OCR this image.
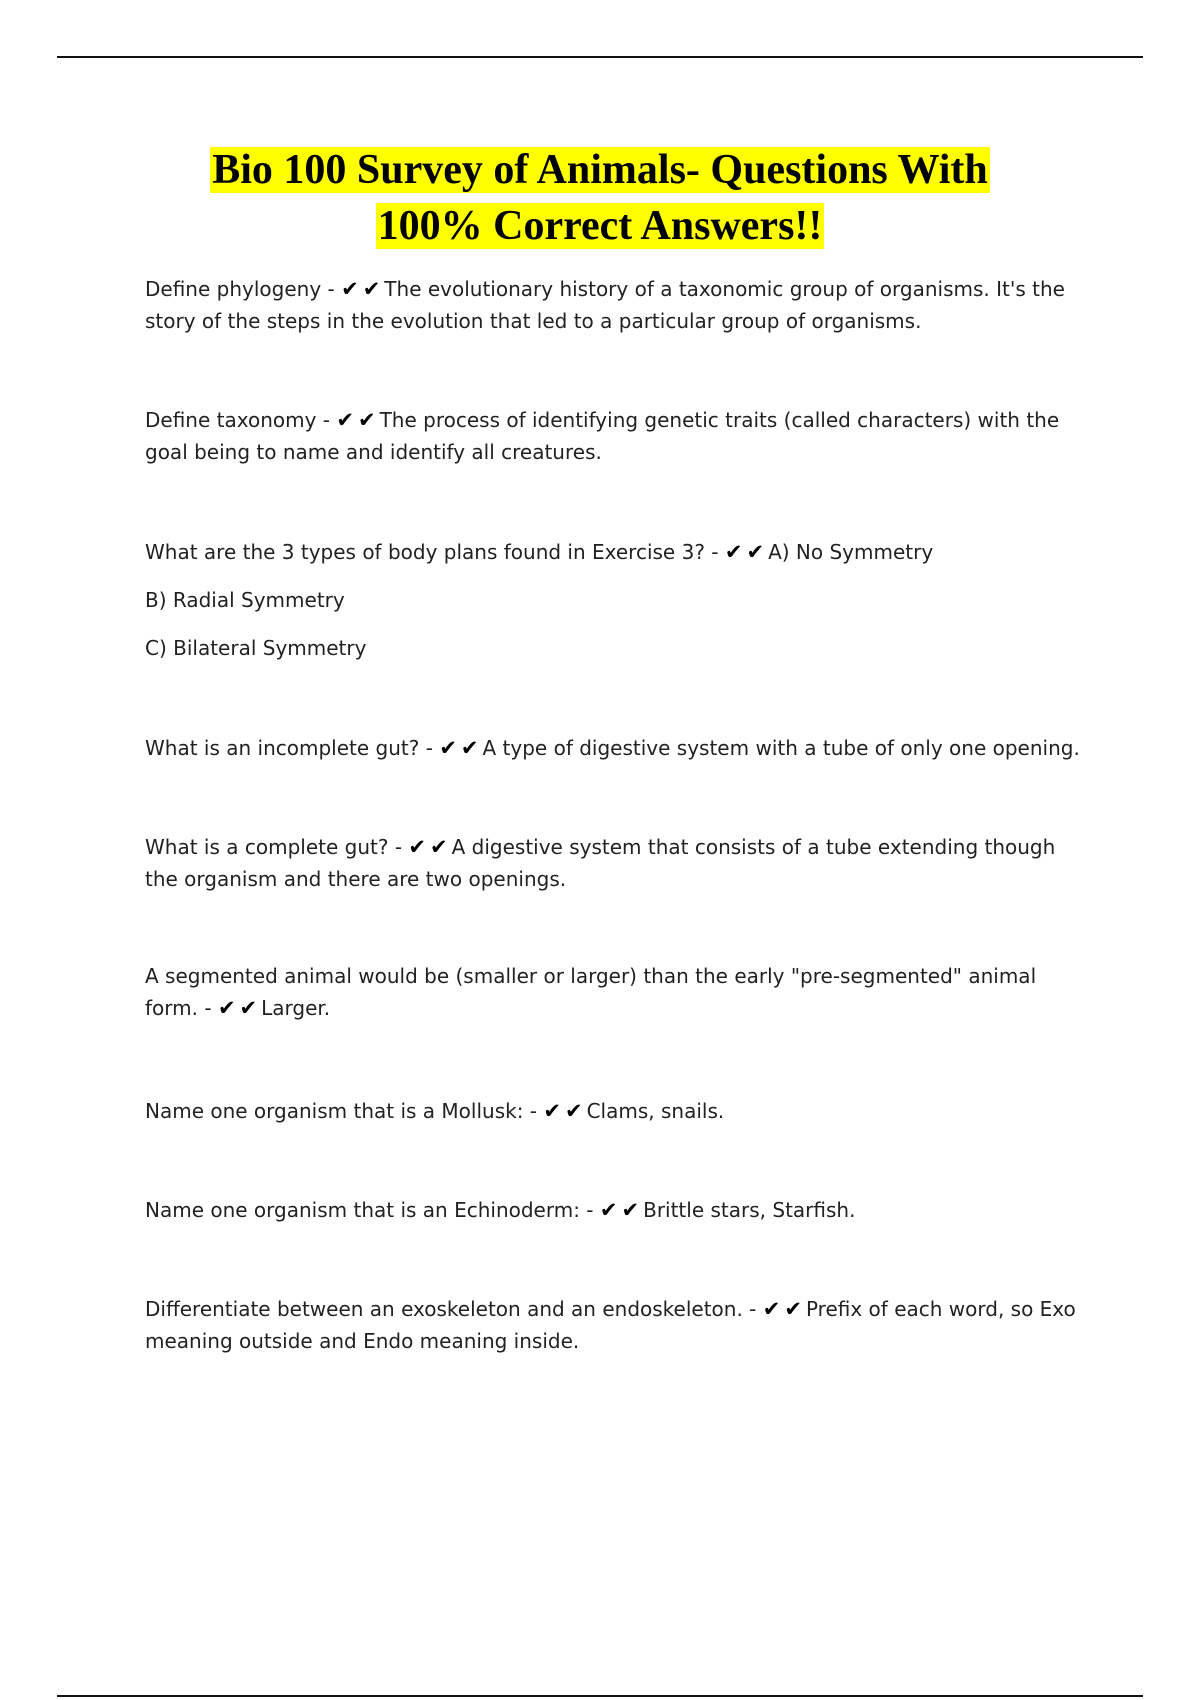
Bio 100 Survey of Animals- Questions With
100% Correct Answers!!

Define phylogeny - ✔✔The evolutionary history of a taxonomic group of organisms. It's the story of the steps in the evolution that led to a particular group of organisms.

Define taxonomy - ✔✔The process of identifying genetic traits (called characters) with the goal being to name and identify all creatures.

What are the 3 types of body plans found in Exercise 3? - ✔✔A) No Symmetry

B) Radial Symmetry

C) Bilateral Symmetry

What is an incomplete gut? - ✔✔A type of digestive system with a tube of only one opening.

What is a complete gut? - ✔✔A digestive system that consists of a tube extending though the organism and there are two openings.

A segmented animal would be (smaller or larger) than the early "pre-segmented" animal form. - ✔✔Larger.

Name one organism that is a Mollusk: - ✔✔Clams, snails.

Name one organism that is an Echinoderm: - ✔✔Brittle stars, Starfish.

Differentiate between an exoskeleton and an endoskeleton. - ✔✔Prefix of each word, so Exo meaning outside and Endo meaning inside.
